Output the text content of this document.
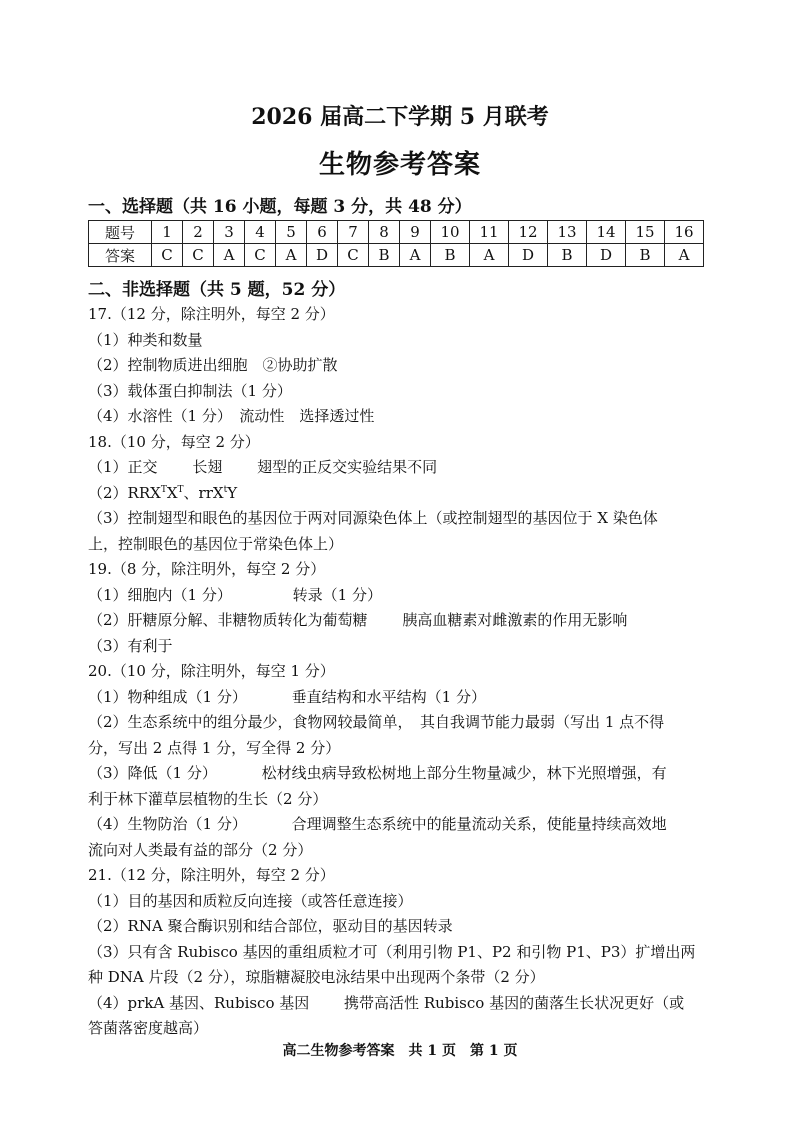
2026 届高二下学期 5 月联考
生物参考答案
一、选择题（共 16 小题，每题 3 分，共 48 分）
题号	1	2	3	4	5	6	7	8	9	10	11	12	13	14	15	16
答案	C	C	A	C	A	D	C	B	A	B	A	D	B	D	B	A
二、非选择题（共 5 题，52 分）
17.（12 分，除注明外，每空 2 分）
（1）种类和数量
（2）控制物质进出细胞　②协助扩散
（3）载体蛋白抑制法（1 分）
（4）水溶性（1 分）　流动性　选择透过性
18.（10 分，每空 2 分）
（1）正交 长翅 翅型的正反交实验结果不同
$(2)RRX^TX^T$、rrX$^t$Y
（3）控制翅型和眼色的基因位于两对同源染色体上（或控制翅型的基因位于 X 染色体
上，控制眼色的基因位于常染色体上）
19.（8 分，除注明外，每空 2 分）
（1）细胞内（1 分）	转录（1 分）
（2）肝糖原分解、非糖物质转化为葡萄糖 胰高血糖素对雌激素的作用无影响
（3）有利于
20.（10 分，除注明外，每空 1 分）
（1）物种组成（1 分）	垂直结构和水平结构（1 分）
（2）生态系统中的组分最少，食物网较最简单，　其自我调节能力最弱（写出 1 点不得
分，写出 2 点得 1 分，写全得 2 分）
（3）降低（1 分）	松材线虫病导致松树地上部分生物量减少，林下光照增强，有
利于林下灌草层植物的生长（2 分）
（4）生物防治（1 分）	合理调整生态系统中的能量流动关系，使能量持续高效地
流向对人类最有益的部分（2 分）
21.（12 分，除注明外，每空 2 分）
（1）目的基因和质粒反向连接（或答任意连接）
（2）RNA 聚合酶识别和结合部位，驱动目的基因转录
（3）只有含 Rubisco 基因的重组质粒才可（利用引物 P1、P2 和引物 P1、P3）扩增出两
种 DNA 片段（2 分），琼脂糖凝胶电泳结果中出现两个条带（2 分）
（4）prkA 基因、Rubisco 基因 携带高活性 Rubisco 基因的菌落生长状况更好（或
答菌落密度越高）
高二生物参考答案　共 1 页　第 1 页
